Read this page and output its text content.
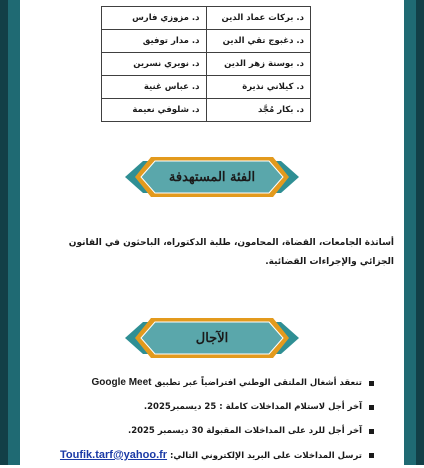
د. بركات عماد الدين	د. مزوزي فارس
د. دغبوج تقي الدين	د. مدار توفيق
د. بوسنة زهر الدين	د. نويري نسرين
د. كيلاني نذيرة	د. عباس غنية
د. بكار مُجَّد	د. شلوفي نعيمة
الفئة المستهدفة

أساتذة الجامعات، القضاة، المحامون، طلبة الدكتوراه، الباحثون في القانون الجزائي والإجراءات القضائية.

الآجال
تنعقد أشغال الملتقى الوطني افتراضياً عبر تطبيق Google Meet
آخر أجل لاستلام المداخلات كاملة : 25 ديسمبر2025.
آخر أجل للرد على المداخلات المقبولة 30 ديسمبر 2025.
ترسل المداخلات على البريد الإلكتروني التالي: Toufik.tarf@yahoo.fr
